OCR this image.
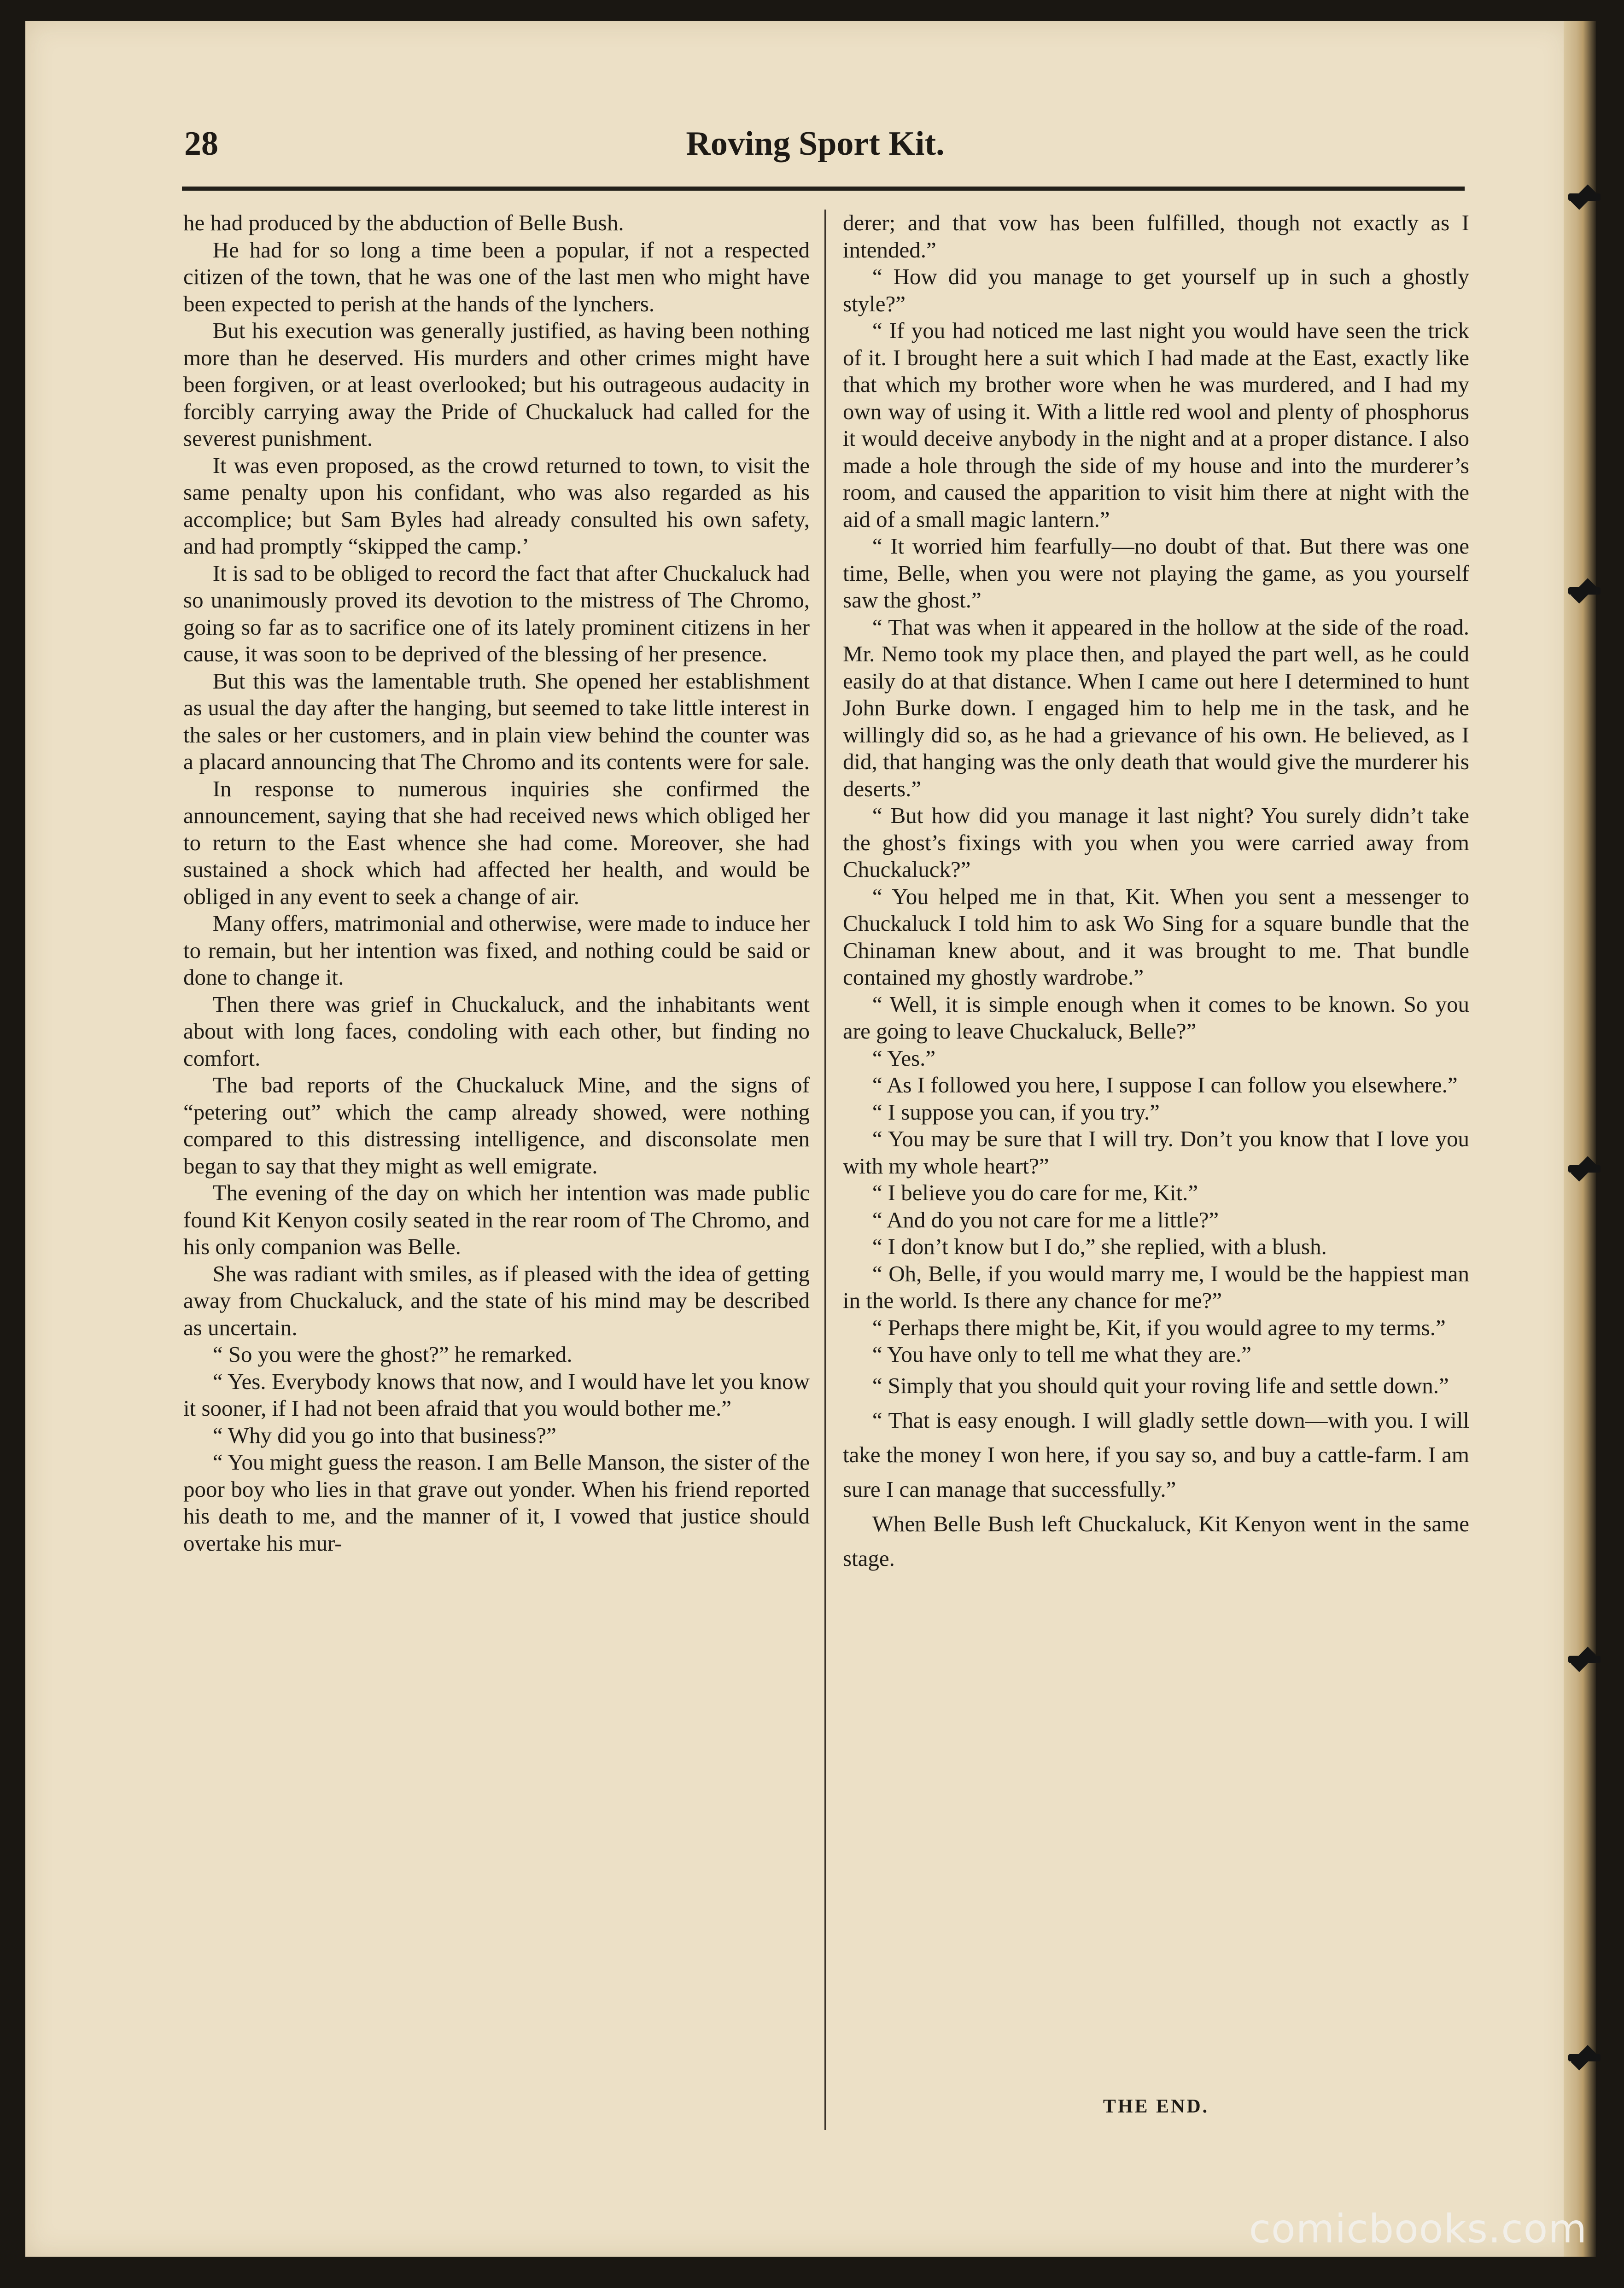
28	Roving Sport Kit.

he had produced by the abduction of Belle Bush.

He had for so long a time been a popular, if not a respected citizen of the town, that he was one of the last men who might have been expected to perish at the hands of the lynchers.

But his execution was generally justified, as having been nothing more than he deserved. His murders and other crimes might have been forgiven, or at least overlooked; but his outrageous audacity in forcibly carrying away the Pride of Chuckaluck had called for the severest punishment.

It was even proposed, as the crowd returned to town, to visit the same penalty upon his confidant, who was also regarded as his accomplice; but Sam Byles had already consulted his own safety, and had promptly “skipped the camp.’

It is sad to be obliged to record the fact that after Chuckaluck had so unanimously proved its devotion to the mistress of The Chromo, going so far as to sacrifice one of its lately prominent citizens in her cause, it was soon to be deprived of the blessing of her presence.

But this was the lamentable truth. She opened her establishment as usual the day after the hanging, but seemed to take little interest in the sales or her customers, and in plain view behind the counter was a placard announcing that The Chromo and its contents were for sale.

In response to numerous inquiries she confirmed the announcement, saying that she had received news which obliged her to return to the East whence she had come. Moreover, she had sustained a shock which had affected her health, and would be obliged in any event to seek a change of air.

Many offers, matrimonial and otherwise, were made to induce her to remain, but her intention was fixed, and nothing could be said or done to change it.

Then there was grief in Chuckaluck, and the inhabitants went about with long faces, condoling with each other, but finding no comfort.

The bad reports of the Chuckaluck Mine, and the signs of “petering out” which the camp already showed, were nothing compared to this distressing intelligence, and disconsolate men began to say that they might as well emigrate.

The evening of the day on which her intention was made public found Kit Kenyon cosily seated in the rear room of The Chromo, and his only companion was Belle.

She was radiant with smiles, as if pleased with the idea of getting away from Chuckaluck, and the state of his mind may be described as uncertain.

“ So you were the ghost?” he remarked.

“ Yes. Everybody knows that now, and I would have let you know it sooner, if I had not been afraid that you would bother me.”

“ Why did you go into that business?”

“ You might guess the reason. I am Belle Manson, the sister of the poor boy who lies in that grave out yonder. When his friend reported his death to me, and the manner of it, I vowed that justice should overtake his mur-

derer; and that vow has been fulfilled, though not exactly as I intended.”

“ How did you manage to get yourself up in such a ghostly style?”

“ If you had noticed me last night you would have seen the trick of it. I brought here a suit which I had made at the East, exactly like that which my brother wore when he was murdered, and I had my own way of using it. With a little red wool and plenty of phosphorus it would deceive anybody in the night and at a proper distance. I also made a hole through the side of my house and into the murderer’s room, and caused the apparition to visit him there at night with the aid of a small magic lantern.”

“ It worried him fearfully—no doubt of that. But there was one time, Belle, when you were not playing the game, as you yourself saw the ghost.”

“ That was when it appeared in the hollow at the side of the road. Mr. Nemo took my place then, and played the part well, as he could easily do at that distance. When I came out here I determined to hunt John Burke down. I engaged him to help me in the task, and he willingly did so, as he had a grievance of his own. He believed, as I did, that hanging was the only death that would give the murderer his deserts.”

“ But how did you manage it last night? You surely didn’t take the ghost’s fixings with you when you were carried away from Chuckaluck?”

“ You helped me in that, Kit. When you sent a messenger to Chuckaluck I told him to ask Wo Sing for a square bundle that the Chinaman knew about, and it was brought to me. That bundle contained my ghostly wardrobe.”

“ Well, it is simple enough when it comes to be known. So you are going to leave Chuckaluck, Belle?”

“ Yes.”

“ As I followed you here, I suppose I can follow you elsewhere.”

“ I suppose you can, if you try.”

“ You may be sure that I will try. Don’t you know that I love you with my whole heart?”

“ I believe you do care for me, Kit.”

“ And do you not care for me a little?”

“ I don’t know but I do,” she replied, with a blush.

“ Oh, Belle, if you would marry me, I would be the happiest man in the world. Is there any chance for me?”

“ Perhaps there might be, Kit, if you would agree to my terms.”

“ You have only to tell me what they are.”

“ Simply that you should quit your roving life and settle down.”

“ That is easy enough. I will gladly settle down—with you. I will take the money I won here, if you say so, and buy a cattle-farm. I am sure I can manage that successfully.”

When Belle Bush left Chuckaluck, Kit Kenyon went in the same stage.

THE END.
comicbooks.com
